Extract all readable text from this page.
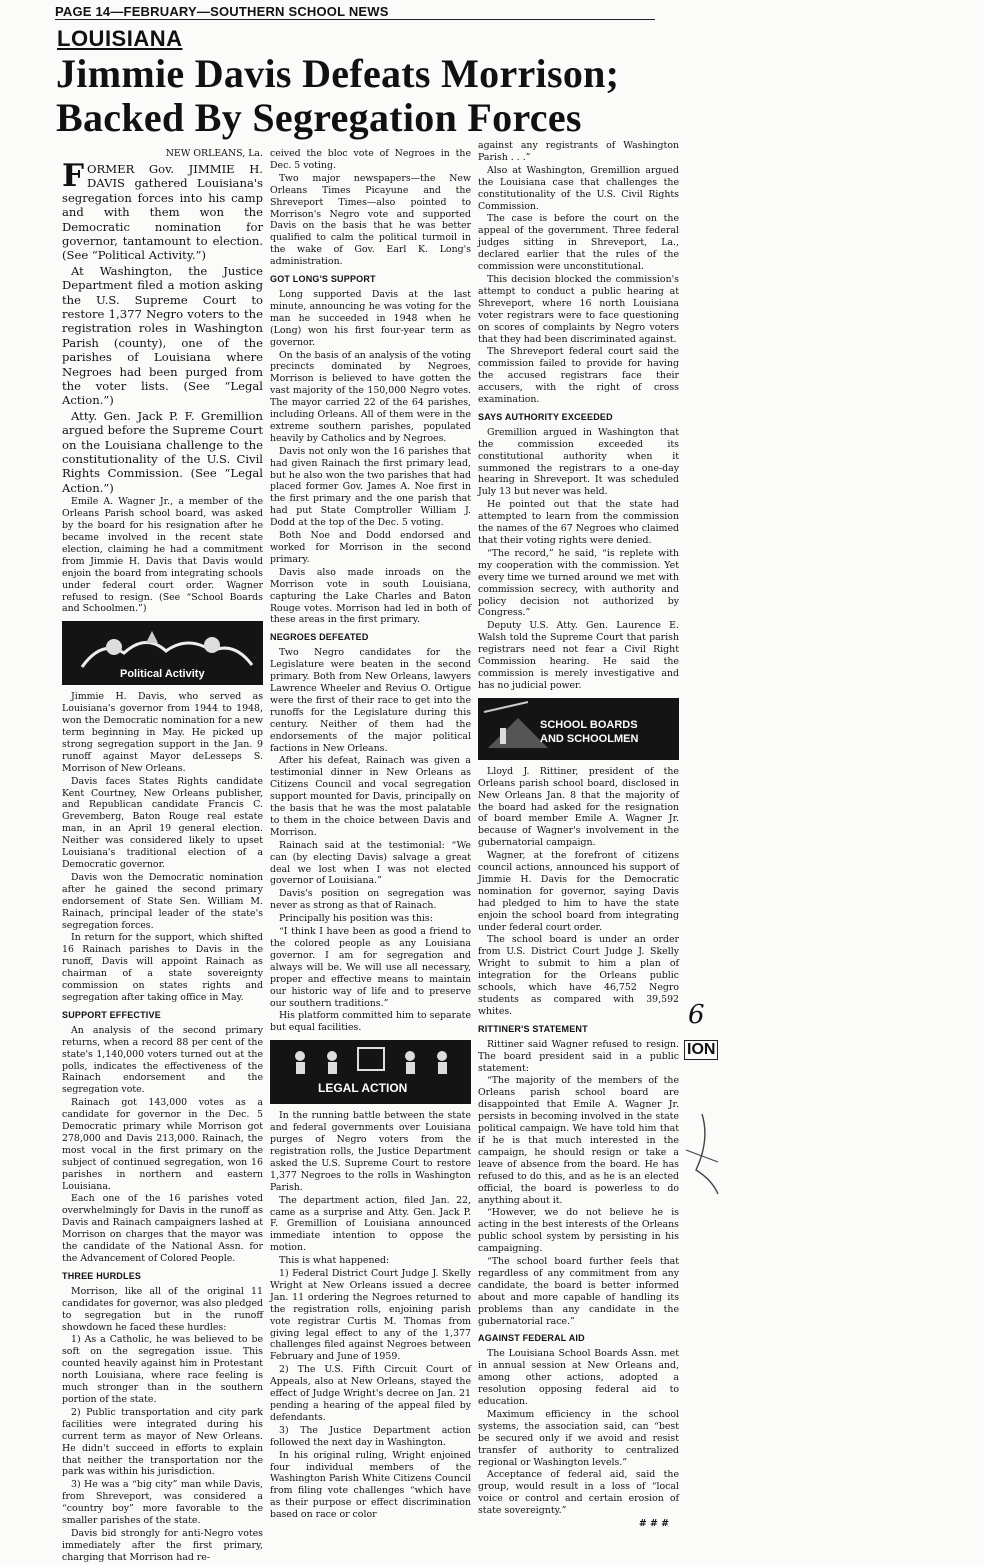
PAGE 14—FEBRUARY—SOUTHERN SCHOOL NEWS
LOUISIANA
Jimmie Davis Defeats Morrison; Backed By Segregation Forces
NEW ORLEANS, La.

FORMER Gov. JIMMIE H. DAVIS gathered Louisiana's segregation forces into his camp and with them won the Democratic nomination for governor, tantamount to election. (See “Political Activity.”)

At Washington, the Justice Department filed a motion asking the U.S. Supreme Court to restore 1,377 Negro voters to the registration roles in Washington Parish (county), one of the parishes of Louisiana where Negroes had been purged from the voter lists. (See “Legal Action.”)

Atty. Gen. Jack P. F. Gremillion argued before the Supreme Court on the Louisiana challenge to the constitutionality of the U.S. Civil Rights Commission. (See “Legal Action.”)

Emile A. Wagner Jr., a member of the Orleans Parish school board, was asked by the board for his resignation after he became involved in the recent state election, claiming he had a commitment from Jimmie H. Davis that Davis would enjoin the board from integrating schools under federal court order. Wagner refused to resign. (See “School Boards and Schoolmen.”)

Political Activity

Jimmie H. Davis, who served as Louisiana's governor from 1944 to 1948, won the Democratic nomination for a new term beginning in May. He picked up strong segregation support in the Jan. 9 runoff against Mayor deLesseps S. Morrison of New Orleans.

Davis faces States Rights candidate Kent Courtney, New Orleans publisher, and Republican candidate Francis C. Grevemberg, Baton Rouge real estate man, in an April 19 general election. Neither was considered likely to upset Louisiana's traditional election of a Democratic governor.

Davis won the Democratic nomination after he gained the second primary endorsement of State Sen. William M. Rainach, principal leader of the state's segregation forces.

In return for the support, which shifted 16 Rainach parishes to Davis in the runoff, Davis will appoint Rainach as chairman of a state sovereignty commission on states rights and segregation after taking office in May.

SUPPORT EFFECTIVE

An analysis of the second primary returns, when a record 88 per cent of the state's 1,140,000 voters turned out at the polls, indicates the effectiveness of the Rainach endorsement and the segregation vote.

Rainach got 143,000 votes as a candidate for governor in the Dec. 5 Democratic primary while Morrison got 278,000 and Davis 213,000. Rainach, the most vocal in the first primary on the subject of continued segregation, won 16 parishes in northern and eastern Louisiana.

Each one of the 16 parishes voted overwhelmingly for Davis in the runoff as Davis and Rainach campaigners lashed at Morrison on charges that the mayor was the candidate of the National Assn. for the Advancement of Colored People.

THREE HURDLES

Morrison, like all of the original 11 candidates for governor, was also pledged to segregation but in the runoff showdown he faced these hurdles:

1) As a Catholic, he was believed to be soft on the segregation issue. This counted heavily against him in Protestant north Louisiana, where race feeling is much stronger than in the southern portion of the state.

2) Public transportation and city park facilities were integrated during his current term as mayor of New Orleans. He didn't succeed in efforts to explain that neither the transportation nor the park was within his jurisdiction.

3) He was a “big city” man while Davis, from Shreveport, was considered a “country boy” more favorable to the smaller parishes of the state.

Davis bid strongly for anti-Negro votes immediately after the first primary, charging that Morrison had re-

ceived the bloc vote of Negroes in the Dec. 5 voting.

Two major newspapers—the New Orleans Times Picayune and the Shreveport Times—also pointed to Morrison's Negro vote and supported Davis on the basis that he was better qualified to calm the political turmoil in the wake of Gov. Earl K. Long's administration.

GOT LONG'S SUPPORT

Long supported Davis at the last minute, announcing he was voting for the man he succeeded in 1948 when he (Long) won his first four-year term as governor.

On the basis of an analysis of the voting precincts dominated by Negroes, Morrison is believed to have gotten the vast majority of the 150,000 Negro votes. The mayor carried 22 of the 64 parishes, including Orleans. All of them were in the extreme southern parishes, populated heavily by Catholics and by Negroes.

Davis not only won the 16 parishes that had given Rainach the first primary lead, but he also won the two parishes that had placed former Gov. James A. Noe first in the first primary and the one parish that had put State Comptroller William J. Dodd at the top of the Dec. 5 voting.

Both Noe and Dodd endorsed and worked for Morrison in the second primary.

Davis also made inroads on the Morrison vote in south Louisiana, capturing the Lake Charles and Baton Rouge votes. Morrison had led in both of these areas in the first primary.

NEGROES DEFEATED

Two Negro candidates for the Legislature were beaten in the second primary. Both from New Orleans, lawyers Lawrence Wheeler and Revius O. Ortigue were the first of their race to get into the runoffs for the Legislature during this century. Neither of them had the endorsements of the major political factions in New Orleans.

After his defeat, Rainach was given a testimonial dinner in New Orleans as Citizens Council and vocal segregation support mounted for Davis, principally on the basis that he was the most palatable to them in the choice between Davis and Morrison.

Rainach said at the testimonial: “We can (by electing Davis) salvage a great deal we lost when I was not elected governor of Louisiana.”

Davis's position on segregation was never as strong as that of Rainach.

Principally his position was this:

“I think I have been as good a friend to the colored people as any Louisiana governor. I am for segregation and always will be. We will use all necessary, proper and effective means to maintain our historic way of life and to preserve our southern traditions.”

His platform committed him to separate but equal facilities.

LEGAL ACTION

In the running battle between the state and federal governments over Louisiana purges of Negro voters from the registration rolls, the Justice Department asked the U.S. Supreme Court to restore 1,377 Negroes to the rolls in Washington Parish.

The department action, filed Jan. 22, came as a surprise and Atty. Gen. Jack P. F. Gremillion of Louisiana announced immediate intention to oppose the motion.

This is what happened:

1) Federal District Court Judge J. Skelly Wright at New Orleans issued a decree Jan. 11 ordering the Negroes returned to the registration rolls, enjoining parish vote registrar Curtis M. Thomas from giving legal effect to any of the 1,377 challenges filed against Negroes between February and June of 1959.

2) The U.S. Fifth Circuit Court of Appeals, also at New Orleans, stayed the effect of Judge Wright's decree on Jan. 21 pending a hearing of the appeal filed by defendants.

3) The Justice Department action followed the next day in Washington.

In his original ruling, Wright enjoined four individual members of the Washington Parish White Citizens Council from filing vote challenges “which have as their purpose or effect discrimination based on race or color

against any registrants of Washington Parish . . .”

Also at Washington, Gremillion argued the Louisiana case that challenges the constitutionality of the U.S. Civil Rights Commission.

The case is before the court on the appeal of the government. Three federal judges sitting in Shreveport, La., declared earlier that the rules of the commission were unconstitutional.

This decision blocked the commission's attempt to conduct a public hearing at Shreveport, where 16 north Louisiana voter registrars were to face questioning on scores of complaints by Negro voters that they had been discriminated against.

The Shreveport federal court said the commission failed to provide for having the accused registrars face their accusers, with the right of cross examination.

SAYS AUTHORITY EXCEEDED

Gremillion argued in Washington that the commission exceeded its constitutional authority when it summoned the registrars to a one-day hearing in Shreveport. It was scheduled July 13 but never was held.

He pointed out that the state had attempted to learn from the commission the names of the 67 Negroes who claimed that their voting rights were denied.

“The record,” he said, “is replete with my cooperation with the commission. Yet every time we turned around we met with commission secrecy, with authority and policy decision not authorized by Congress.”

Deputy U.S. Atty. Gen. Laurence E. Walsh told the Supreme Court that parish registrars need not fear a Civil Right Commission hearing. He said the commission is merely investigative and has no judicial power.

SCHOOL BOARDS
AND SCHOOLMEN

Lloyd J. Rittiner, president of the Orleans parish school board, disclosed in New Orleans Jan. 8 that the majority of the board had asked for the resignation of board member Emile A. Wagner Jr. because of Wagner's involvement in the gubernatorial campaign.

Wagner, at the forefront of citizens council actions, announced his support of Jimmie H. Davis for the Democratic nomination for governor, saying Davis had pledged to him to have the state enjoin the school board from integrating under federal court order.

The school board is under an order from U.S. District Court Judge J. Skelly Wright to submit to him a plan of integration for the Orleans public schools, which have 46,752 Negro students as compared with 39,592 whites.

RITTINER'S STATEMENT

Rittiner said Wagner refused to resign. The board president said in a public statement:

“The majority of the members of the Orleans parish school board are disappointed that Emile A. Wagner Jr. persists in becoming involved in the state political campaign. We have told him that if he is that much interested in the campaign, he should resign or take a leave of absence from the board. He has refused to do this, and as he is an elected official, the board is powerless to do anything about it.

“However, we do not believe he is acting in the best interests of the Orleans public school system by persisting in his campaigning.

“The school board further feels that regardless of any commitment from any candidate, the board is better informed about and more capable of handling its problems than any candidate in the gubernatorial race.”

AGAINST FEDERAL AID

The Louisiana School Boards Assn. met in annual session at New Orleans and, among other actions, adopted a resolution opposing federal aid to education.

Maximum efficiency in the school systems, the association said, can “best be secured only if we avoid and resist transfer of authority to centralized regional or Washington levels.”

Acceptance of federal aid, said the group, would result in a loss of “local voice or control and certain erosion of state sovereignty.”

# # #
6
ION
